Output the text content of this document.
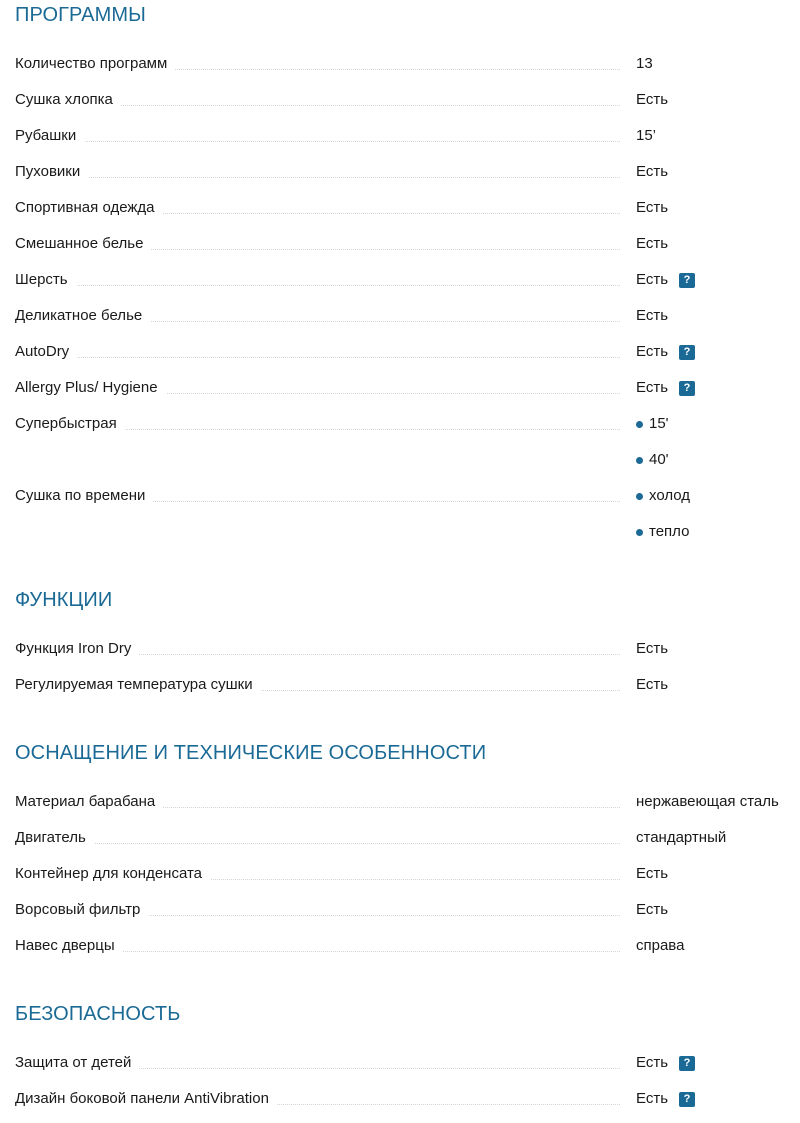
ПРОГРАММЫ
Количество программ	13
Сушка хлопка	Есть
Рубашки	15’
Пуховики	Есть
Спортивная одежда	Есть
Смешанное белье	Есть
Шерсть	Есть	?
Деликатное белье	Есть
AutoDry	Есть	?
Allergy Plus/ Hygiene	Есть	?
Супербыстрая	15'
40'
Сушка по времени	холод
тепло
ФУНКЦИИ
Функция Iron Dry	Есть
Регулируемая температура сушки	Есть
ОСНАЩЕНИЕ И ТЕХНИЧЕСКИЕ ОСОБЕННОСТИ
Материал барабана	нержавеющая сталь
Двигатель	стандартный
Контейнер для конденсата	Есть
Ворсовый фильтр	Есть
Навес дверцы	справа
БЕЗОПАСНОСТЬ
Защита от детей	Есть	?
Дизайн боковой панели AntiVibration	Есть	?
